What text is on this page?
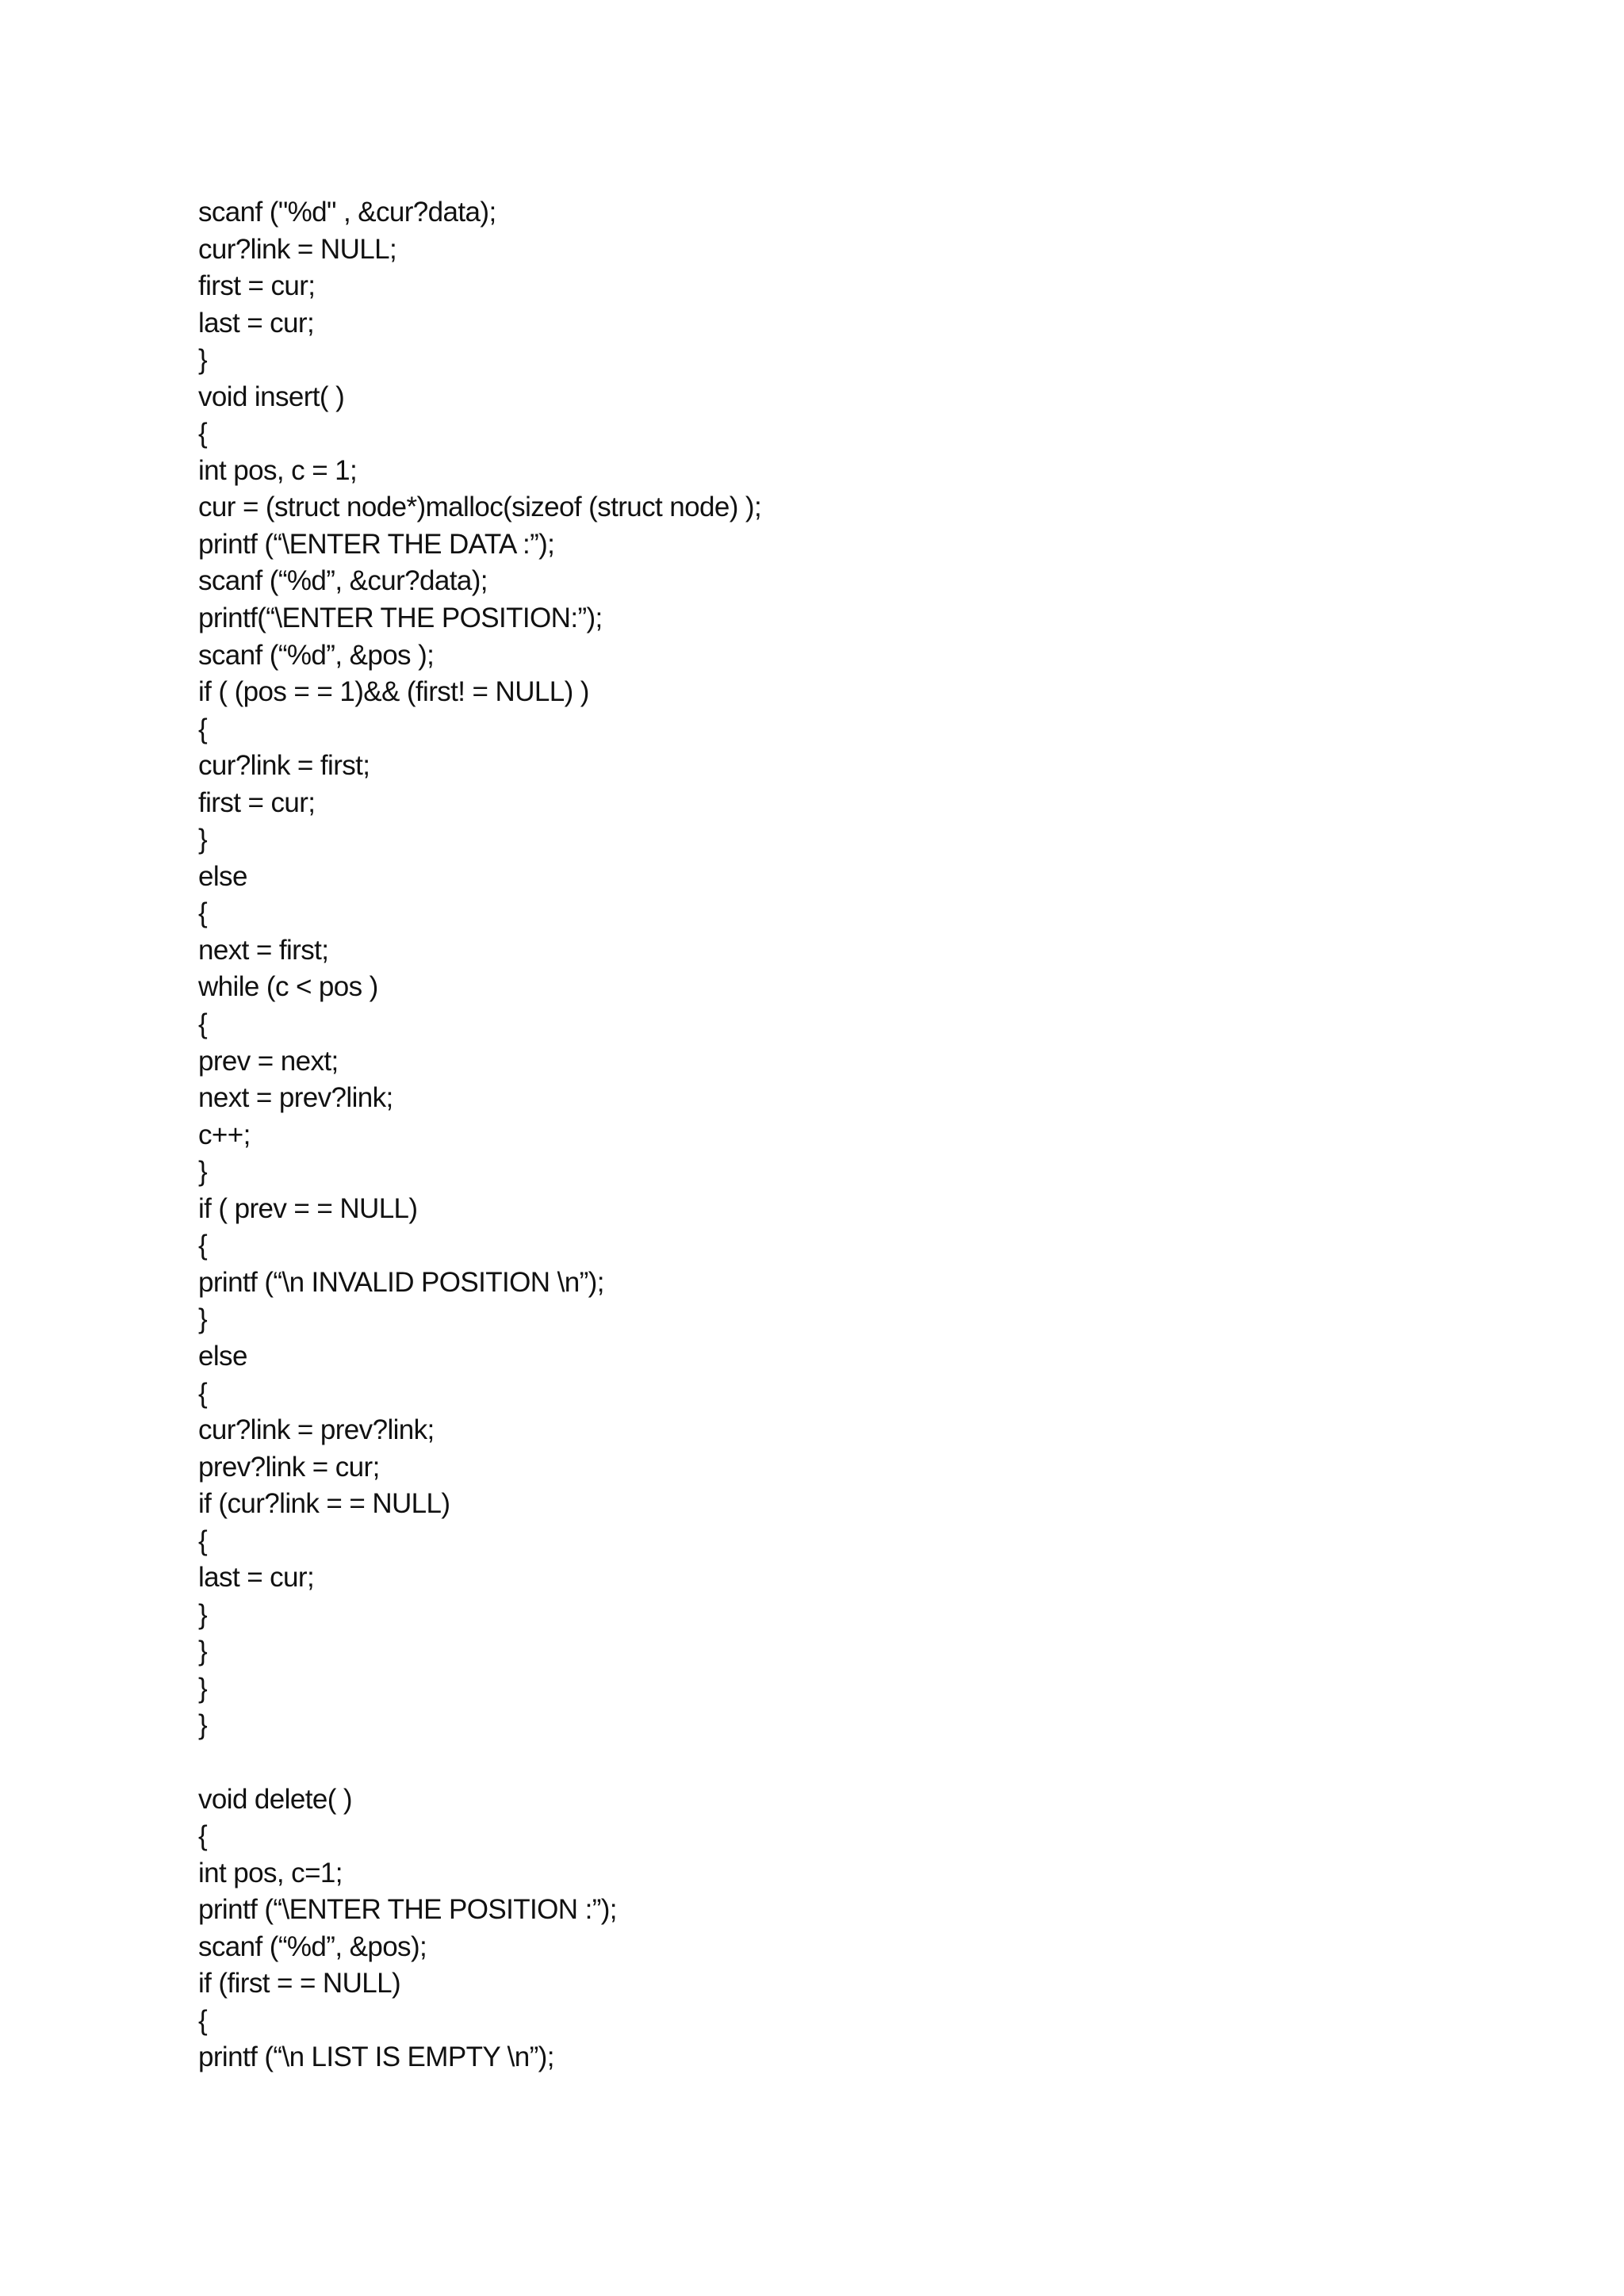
scanf ("%d" , &cur?data);
cur?link = NULL;
first = cur;
last = cur;
}
void insert( )
{
int pos, c = 1;
cur = (struct node*)malloc(sizeof (struct node) );
printf (“\ENTER THE DATA :”);
scanf (“%d”, &cur?data);
printf(“\ENTER THE POSITION:”);
scanf (“%d”, &pos );
if ( (pos = = 1)&& (first! = NULL) )
{
cur?link = first;
first = cur;
}
else
{
next = first;
while (c < pos )
{
prev = next;
next = prev?link;
c++;
}
if ( prev = = NULL)
{
printf (“\n INVALID POSITION \n”);
}
else
{
cur?link = prev?link;
prev?link = cur;
if (cur?link = = NULL)
{
last = cur;
}
}
}
}
void delete( )
{
int pos, c=1;
printf (“\ENTER THE POSITION :”);
scanf (“%d”, &pos);
if (first = = NULL)
{
printf (“\n LIST IS EMPTY \n”);
